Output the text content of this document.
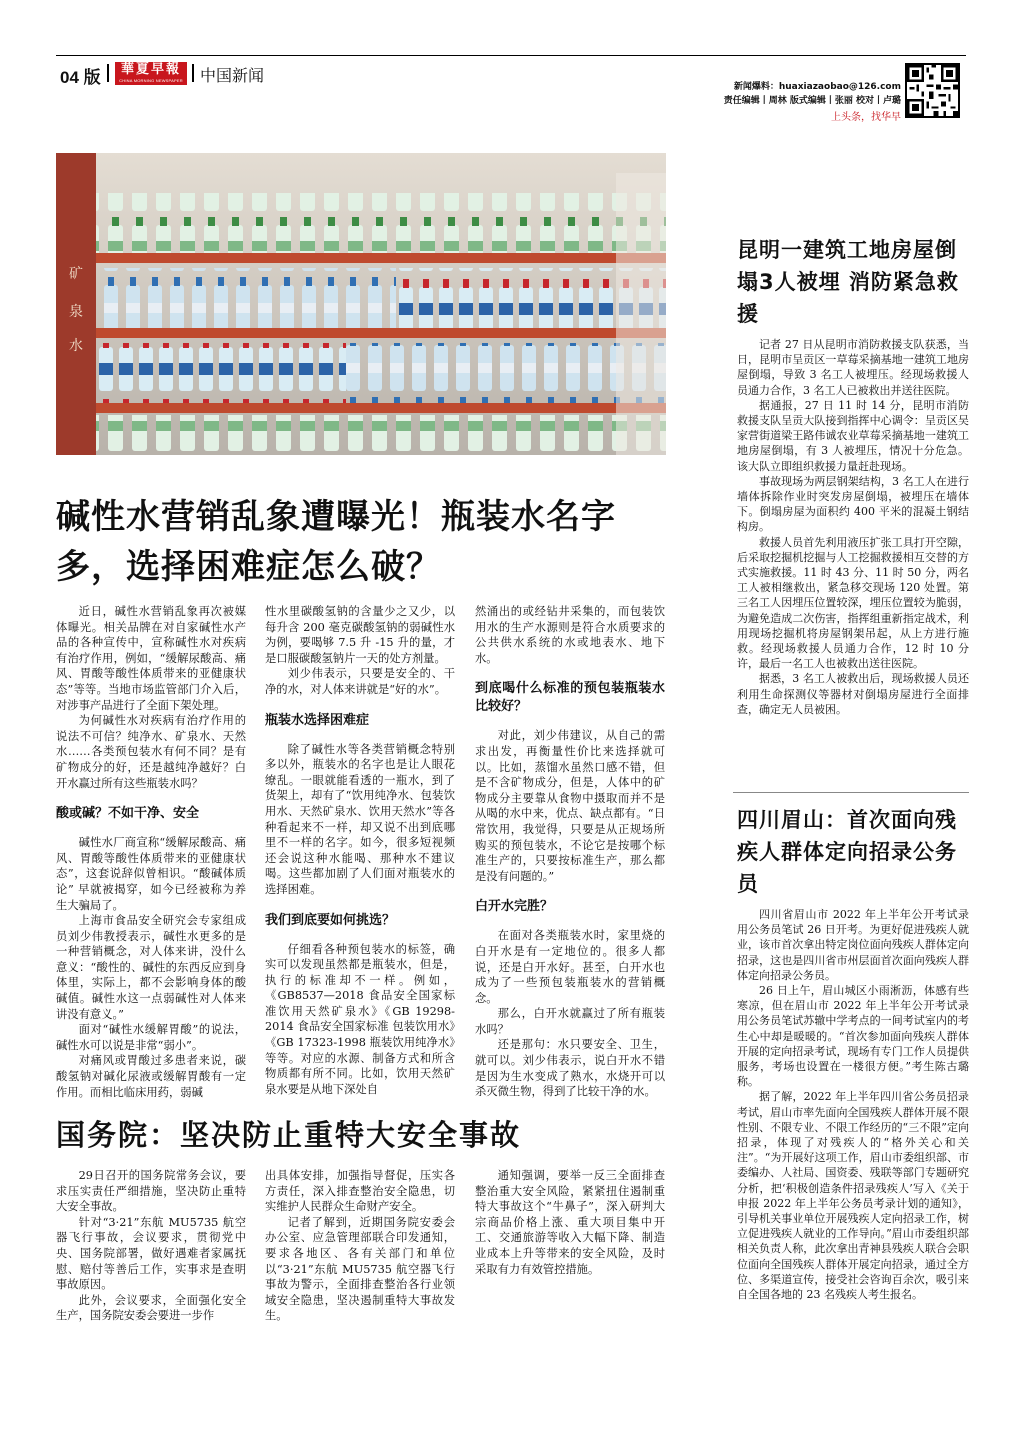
04 版	華夏早報
CHINA MORNING NEWSPAPER 中国新闻
新闻爆料：huaxiazaobao@126.com
责任编辑丨周林 版式编辑丨张丽 校对丨卢璐
上头条，找华早
矿
泉
水
碱性水营销乱象遭曝光！瓶装水名字多，选择困难症怎么破？

近日，碱性水营销乱象再次被媒体曝光。相关品牌在对自家碱性水产品的各种宣传中，宣称碱性水对疾病有治疗作用，例如，“缓解尿酸高、痛风、胃酸等酸性体质带来的亚健康状态”等等。当地市场监管部门介入后，对涉事产品进行了全面下架处理。

为何碱性水对疾病有治疗作用的说法不可信？纯净水、矿泉水、天然水……各类预包装水有何不同？是有矿物成分的好，还是越纯净越好？白开水赢过所有这些瓶装水吗？

酸或碱？不如干净、安全

碱性水厂商宣称“缓解尿酸高、痛风、胃酸等酸性体质带来的亚健康状态”，这套说辞似曾相识。“酸碱体质论” 早就被揭穿，如今已经被称为养生大骗局了。

上海市食品安全研究会专家组成员刘少伟教授表示，碱性水更多的是一种营销概念，对人体来讲，没什么意义：“酸性的、碱性的东西反应到身体里，实际上，都不会影响身体的酸碱值。碱性水这一点弱碱性对人体来讲没有意义。”

面对“碱性水缓解胃酸”的说法，碱性水可以说是非常“弱小”。

对痛风或胃酸过多患者来说，碳酸氢钠对碱化尿液或缓解胃酸有一定作用。而相比临床用药，弱碱

性水里碳酸氢钠的含量少之又少，以每升含 200 毫克碳酸氢钠的弱碱性水为例，要喝够 7.5 升 -15 升的量，才是口服碳酸氢钠片一天的处方剂量。

刘少伟表示，只要是安全的、干净的水，对人体来讲就是“好的水”。

瓶装水选择困难症

除了碱性水等各类营销概念特别多以外，瓶装水的名字也是让人眼花缭乱。一眼就能看透的一瓶水，到了货架上，却有了“饮用纯净水、包装饮用水、天然矿泉水、饮用天然水”等各种看起来不一样，却又说不出到底哪里不一样的名字。如今，很多短视频还会说这种水能喝、那种水不建议喝。这些都加剧了人们面对瓶装水的选择困难。

我们到底要如何挑选？

仔细看各种预包装水的标签，确实可以发现虽然都是瓶装水，但是，执行的标准却不一样。例如，《GB8537—2018 食品安全国家标准饮用天然矿泉水》《GB 19298-2014 食品安全国家标准 包装饮用水》《GB 17323-1998 瓶装饮用纯净水》等等。对应的水源、制备方式和所含物质都有所不同。比如，饮用天然矿泉水要是从地下深处自

然涌出的或经钻井采集的，而包装饮用水的生产水源则是符合水质要求的公共供水系统的水或地表水、地下水。

到底喝什么标准的预包装瓶装水比较好？

对此，刘少伟建议，从自己的需求出发，再衡量性价比来选择就可以。比如，蒸馏水虽然口感不错，但是不含矿物成分，但是，人体中的矿物成分主要靠从食物中摄取而并不是从喝的水中来，优点、缺点都有。“日常饮用，我觉得，只要是从正规场所购买的预包装水，不论它是按哪个标准生产的，只要按标准生产，那么都是没有问题的。”

白开水完胜？

在面对各类瓶装水时，家里烧的白开水是有一定地位的。很多人都说，还是白开水好。甚至，白开水也成为了一些预包装瓶装水的营销概念。

那么，白开水就赢过了所有瓶装水吗？

还是那句：水只要安全、卫生，就可以。刘少伟表示，说白开水不错是因为生水变成了熟水，水烧开可以杀灭微生物，得到了比较干净的水。

国务院：坚决防止重特大安全事故

29日召开的国务院常务会议，要求压实责任严细措施，坚决防止重特大安全事故。

针对“3·21”东航 MU5735 航空器飞行事故，会议要求，贯彻党中央、国务院部署，做好遇难者家属抚慰、赔付等善后工作，实事求是查明事故原因。

此外，会议要求，全面强化安全生产，国务院安委会要进一步作

出具体安排，加强指导督促，压实各方责任，深入排查整治安全隐患，切实维护人民群众生命财产安全。

记者了解到，近期国务院安委会办公室、应急管理部联合印发通知，要求各地区、各有关部门和单位以“3·21”东航 MU5735 航空器飞行事故为警示，全面排查整治各行业领域安全隐患，坚决遏制重特大事故发生。

通知强调，要举一反三全面排查整治重大安全风险，紧紧扭住遏制重特大事故这个“牛鼻子”，深入研判大宗商品价格上涨、重大项目集中开工、交通旅游等收入大幅下降、制造业成本上升等带来的安全风险，及时采取有力有效管控措施。

昆明一建筑工地房屋倒塌3人被埋 消防紧急救援

记者 27 日从昆明市消防救援支队获悉，当日，昆明市呈贡区一草莓采摘基地一建筑工地房屋倒塌，导致 3 名工人被埋压。经现场救援人员通力合作，3 名工人已被救出并送往医院。

据通报，27 日 11 时 14 分，昆明市消防救援支队呈贡大队接到指挥中心调令：呈贡区吴家营街道梁王路伟诚农业草莓采摘基地一建筑工地房屋倒塌，有 3 人被埋压，情况十分危急。该大队立即组织救援力量赶赴现场。

事故现场为两层钢架结构，3 名工人在进行墙体拆除作业时突发房屋倒塌，被埋压在墙体下。倒塌房屋为面积约 400 平米的混凝土钢结构房。

救援人员首先利用液压扩张工具打开空隙，后采取挖掘机挖掘与人工挖掘救援相互交替的方式实施救援。11 时 43 分、11 时 50 分，两名工人被相继救出，紧急移交现场 120 处置。第三名工人因埋压位置较深，埋压位置较为脆弱，为避免造成二次伤害，指挥组重新指定战术，利用现场挖掘机将房屋钢架吊起，从上方进行施救。经现场救援人员通力合作，12 时 10 分许，最后一名工人也被救出送往医院。

据悉，3 名工人被救出后，现场救援人员还利用生命探测仪等器材对倒塌房屋进行全面排查，确定无人员被困。

四川眉山：首次面向残疾人群体定向招录公务员

四川省眉山市 2022 年上半年公开考试录用公务员笔试 26 日开考。为更好促进残疾人就业，该市首次拿出特定岗位面向残疾人群体定向招录，这也是四川省市州层面首次面向残疾人群体定向招录公务员。

26 日上午，眉山城区小雨淅沥，体感有些寒凉，但在眉山市 2022 年上半年公开考试录用公务员笔试苏辙中学考点的一间考试室内的考生心中却是暖暖的。“首次参加面向残疾人群体开展的定向招录考试，现场有专门工作人员提供服务，考场也设置在一楼很方便。”考生陈古璐称。

据了解，2022 年上半年四川省公务员招录考试，眉山市率先面向全国残疾人群体开展不限性别、不限专业、不限工作经历的“三不限”定向招录，体现了对残疾人的“格外关心和关注”。“为开展好这项工作，眉山市委组织部、市委编办、人社局、国资委、残联等部门专题研究分析，把‘积极创造条件招录残疾人’写入《关于申报 2022 年上半年公务员考录计划的通知》，引导机关事业单位开展残疾人定向招录工作，树立促进残疾人就业的工作导向。”眉山市委组织部相关负责人称，此次拿出青神县残疾人联合会职位面向全国残疾人群体开展定向招录，通过全方位、多渠道宣传，接受社会咨询百余次，吸引来自全国各地的 23 名残疾人考生报名。
